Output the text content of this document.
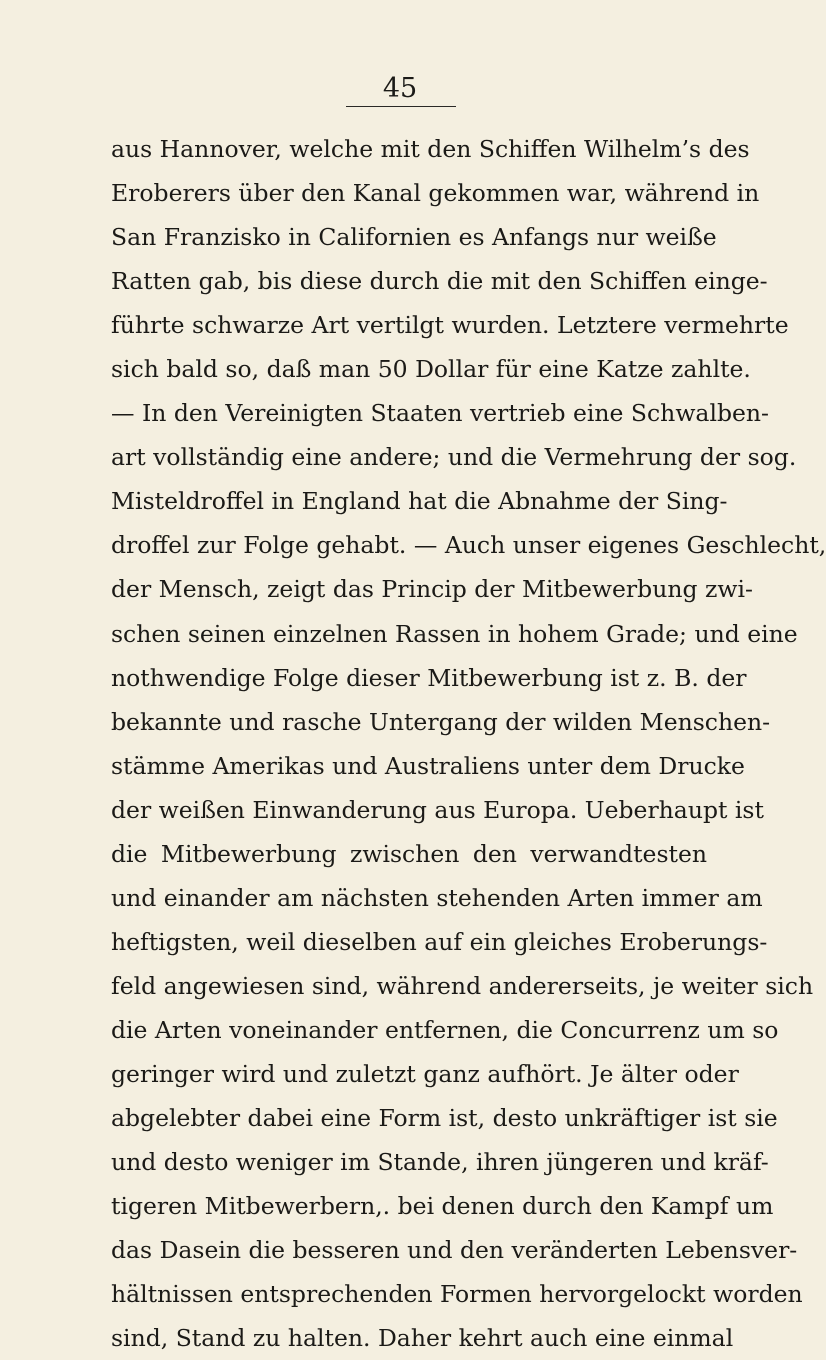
45
aus Hannover, welche mit den Schiffen Wilhelm’s des
Eroberers über den Kanal gekommen war, während in
San Franzisko in Californien es Anfangs nur weiße
Ratten gab, bis diese durch die mit den Schiffen einge-
führte schwarze Art vertilgt wurden. Letztere vermehrte
sich bald so, daß man 50 Dollar für eine Katze zahlte.
— In den Vereinigten Staaten vertrieb eine Schwalben-
art vollständig eine andere; und die Vermehrung der sog.
Misteldroffel in England hat die Abnahme der Sing-
droffel zur Folge gehabt. — Auch unser eigenes Geschlecht,
der Mensch, zeigt das Princip der Mitbewerbung zwi-
schen seinen einzelnen Rassen in hohem Grade; und eine
nothwendige Folge dieser Mitbewerbung ist z. B. der
bekannte und rasche Untergang der wilden Menschen-
stämme Amerikas und Australiens unter dem Drucke
der weißen Einwanderung aus Europa. Ueberhaupt ist
die Mitbewerbung zwischen den verwandtesten
und einander am nächsten stehenden Arten immer am
heftigsten, weil dieselben auf ein gleiches Eroberungs-
feld angewiesen sind, während andererseits, je weiter sich
die Arten voneinander entfernen, die Concurrenz um so
geringer wird und zuletzt ganz aufhört. Je älter oder
abgelebter dabei eine Form ist, desto unkräftiger ist sie
und desto weniger im Stande, ihren jüngeren und kräf-
tigeren Mitbewerbern,. bei denen durch den Kampf um
das Dasein die besseren und den veränderten Lebensver-
hältnissen entsprechenden Formen hervorgelockt worden
sind, Stand zu halten. Daher kehrt auch eine einmal
